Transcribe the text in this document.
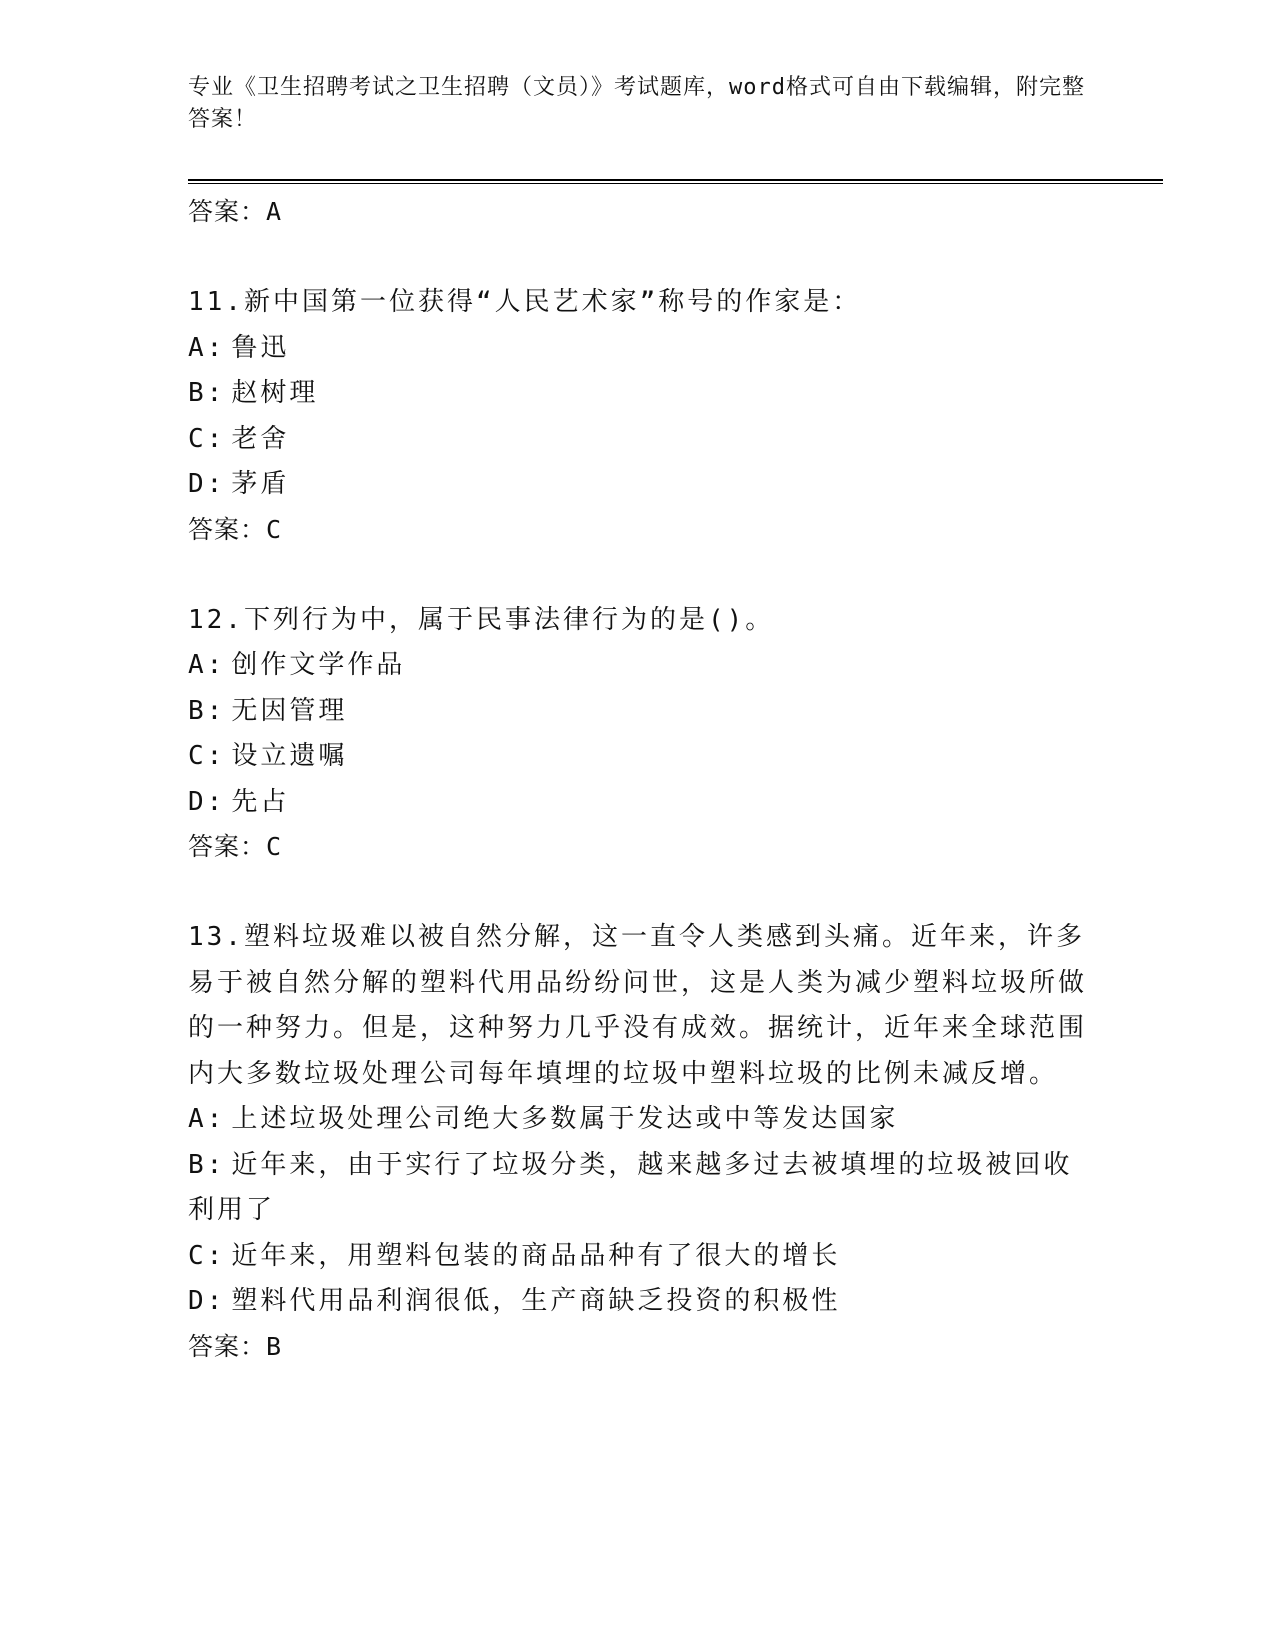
专业《卫生招聘考试之卫生招聘（文员）》考试题库，word格式可自由下载编辑，附完整答案！

答案：A

11.新中国第一位获得“人民艺术家”称号的作家是：

A: 鲁迅

B: 赵树理

C: 老舍

D: 茅盾

答案：C

12.下列行为中，属于民事法律行为的是()。

A: 创作文学作品

B: 无因管理

C: 设立遗嘱

D: 先占

答案：C

13.塑料垃圾难以被自然分解，这一直令人类感到头痛。近年来，许多易于被自然分解的塑料代用品纷纷问世，这是人类为减少塑料垃圾所做的一种努力。但是，这种努力几乎没有成效。据统计，近年来全球范围内大多数垃圾处理公司每年填埋的垃圾中塑料垃圾的比例未减反增。

A: 上述垃圾处理公司绝大多数属于发达或中等发达国家

B: 近年来，由于实行了垃圾分类，越来越多过去被填埋的垃圾被回收利用了

C: 近年来，用塑料包装的商品品种有了很大的增长

D: 塑料代用品利润很低，生产商缺乏投资的积极性

答案：B
